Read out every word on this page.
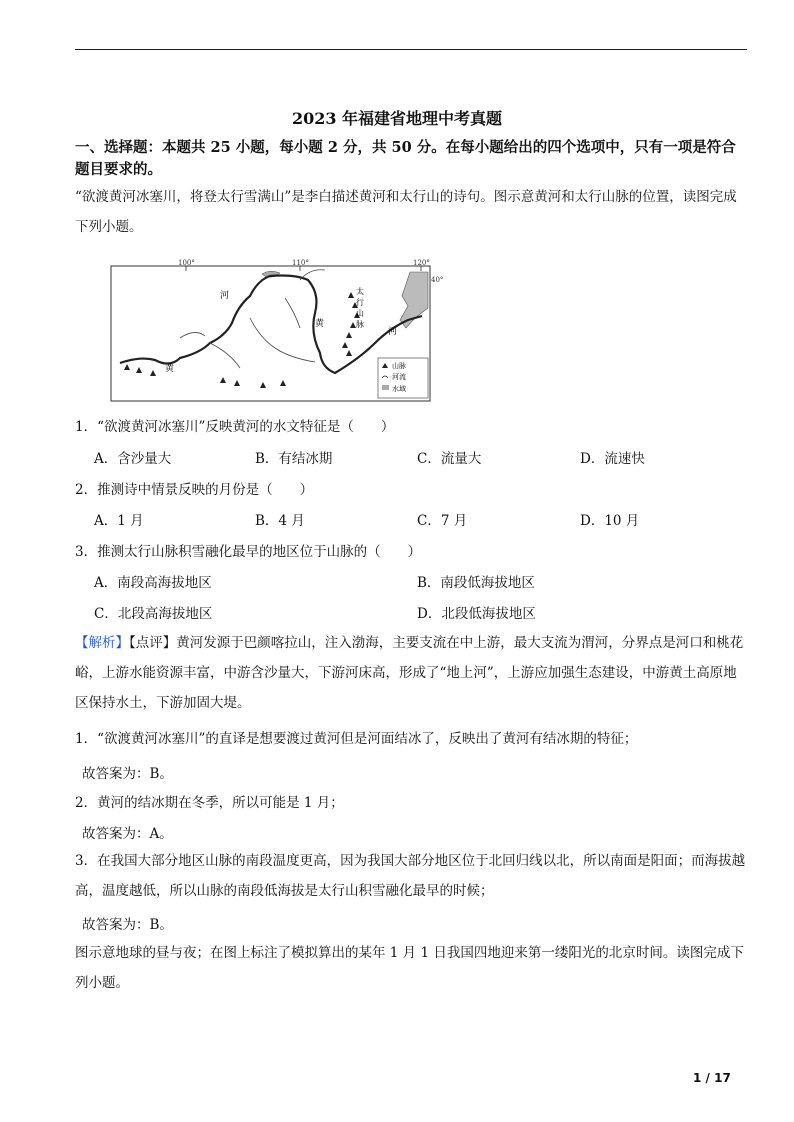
2023 年福建省地理中考真题
一、选择题：本题共 25 小题，每小题 2 分，共 50 分。在每小题给出的四个选项中，只有一项是符合题目要求的。
“欲渡黄河冰塞川，将登太行雪满山”是李白描述黄河和太行山的诗句。图示意黄河和太行山脉的位置，读图完成下列小题。
100°	110°	120°
40°
河	太
行
山
脉
黄
河
黄	山脉
河流
水域
1．“欲渡黄河冰塞川”反映黄河的水文特征是（　　）
A．含沙量大	B．有结冰期	C．流量大	D．流速快
2．推测诗中情景反映的月份是（　　）
A．1 月	B．4 月	C．7 月	D．10 月
3．推测太行山脉积雪融化最早的地区位于山脉的（　　）
A．南段高海拔地区	B．南段低海拔地区
C．北段高海拔地区	D．北段低海拔地区
【解析】【点评】黄河发源于巴颜喀拉山，注入渤海，主要支流在中上游，最大支流为渭河，分界点是河口和桃花峪，上游水能资源丰富，中游含沙量大，下游河床高，形成了“地上河”，上游应加强生态建设，中游黄土高原地区保持水土，下游加固大堤。
1．“欲渡黄河冰塞川”的直译是想要渡过黄河但是河面结冰了，反映出了黄河有结冰期的特征；
故答案为：B。
2．黄河的结冰期在冬季，所以可能是 1 月；
故答案为：A。
3．在我国大部分地区山脉的南段温度更高，因为我国大部分地区位于北回归线以北，所以南面是阳面；而海拔越高，温度越低，所以山脉的南段低海拔是太行山积雪融化最早的时候；
故答案为：B。
图示意地球的昼与夜；在图上标注了模拟算出的某年 1 月 1 日我国四地迎来第一缕阳光的北京时间。读图完成下列小题。
1 / 17
